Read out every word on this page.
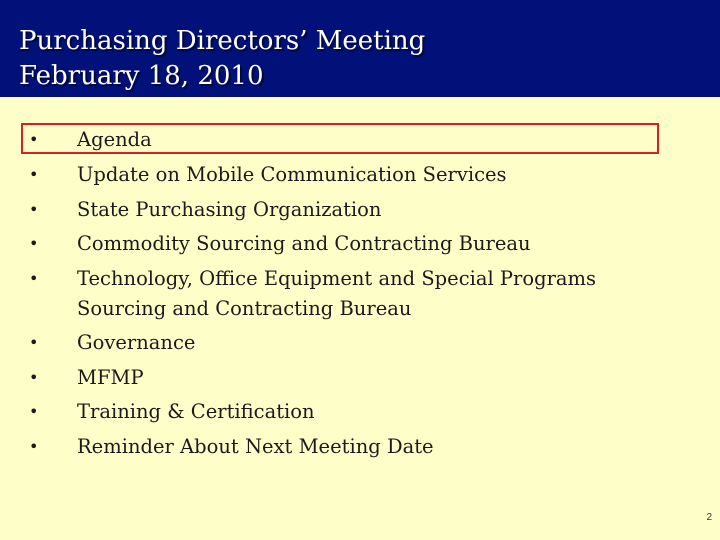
Purchasing Directors’ Meeting
February 18, 2010
• Agenda
• Update on Mobile Communication Services
• State Purchasing Organization
• Commodity Sourcing and Contracting Bureau
• Technology, Office Equipment and Special Programs Sourcing and Contracting Bureau
• Governance
• MFMP
• Training & Certification
• Reminder About Next Meeting Date
2
